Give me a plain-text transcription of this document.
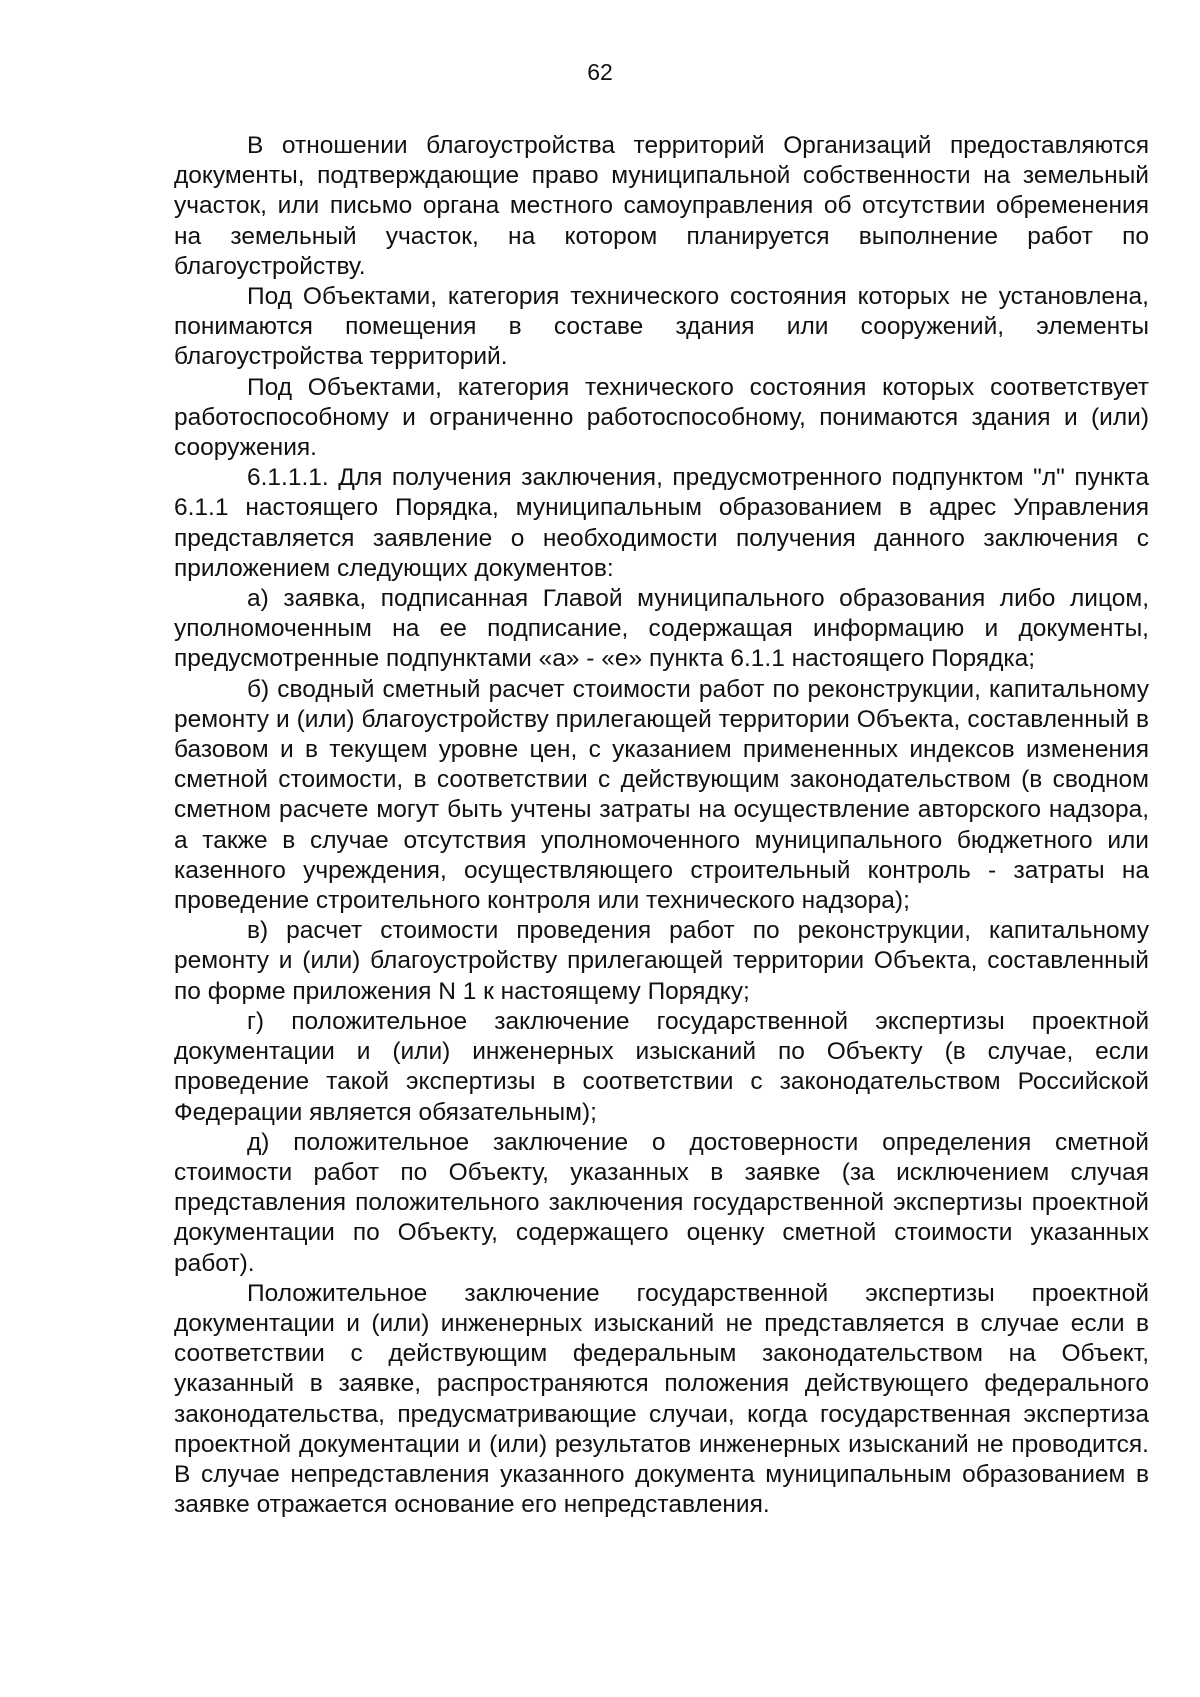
62

В отношении благоустройства территорий Организаций предоставляются документы, подтверждающие право муниципальной собственности на земельный участок, или письмо органа местного самоуправления об отсутствии обременения на земельный участок, на котором планируется выполнение работ по благоустройству.

Под Объектами, категория технического состояния которых не установлена, понимаются помещения в составе здания или сооружений, элементы благоустройства территорий.

Под Объектами, категория технического состояния которых соответствует работоспособному и ограниченно работоспособному, понимаются здания и (или) сооружения.

6.1.1.1. Для получения заключения, предусмотренного подпунктом "л" пункта 6.1.1 настоящего Порядка, муниципальным образованием в адрес Управления представляется заявление о необходимости получения данного заключения с приложением следующих документов:

а) заявка, подписанная Главой муниципального образования либо лицом, уполномоченным на ее подписание, содержащая информацию и документы, предусмотренные подпунктами «а» - «е» пункта 6.1.1 настоящего Порядка;

б) сводный сметный расчет стоимости работ по реконструкции, капитальному ремонту и (или) благоустройству прилегающей территории Объекта, составленный в базовом и в текущем уровне цен, с указанием примененных индексов изменения сметной стоимости, в соответствии с действующим законодательством (в сводном сметном расчете могут быть учтены затраты на осуществление авторского надзора, а также в случае отсутствия уполномоченного муниципального бюджетного или казенного учреждения, осуществляющего строительный контроль - затраты на проведение строительного контроля или технического надзора);

в) расчет стоимости проведения работ по реконструкции, капитальному ремонту и (или) благоустройству прилегающей территории Объекта, составленный по форме приложения N 1 к настоящему Порядку;

г) положительное заключение государственной экспертизы проектной документации и (или) инженерных изысканий по Объекту (в случае, если проведение такой экспертизы в соответствии с законодательством Российской Федерации является обязательным);

д) положительное заключение о достоверности определения сметной стоимости работ по Объекту, указанных в заявке (за исключением случая представления положительного заключения государственной экспертизы проектной документации по Объекту, содержащего оценку сметной стоимости указанных работ).

Положительное заключение государственной экспертизы проектной документации и (или) инженерных изысканий не представляется в случае если в соответствии с действующим федеральным законодательством на Объект, указанный в заявке, распространяются положения действующего федерального законодательства, предусматривающие случаи, когда государственная экспертиза проектной документации и (или) результатов инженерных изысканий не проводится. В случае непредставления указанного документа муниципальным образованием в заявке отражается основание его непредставления.
